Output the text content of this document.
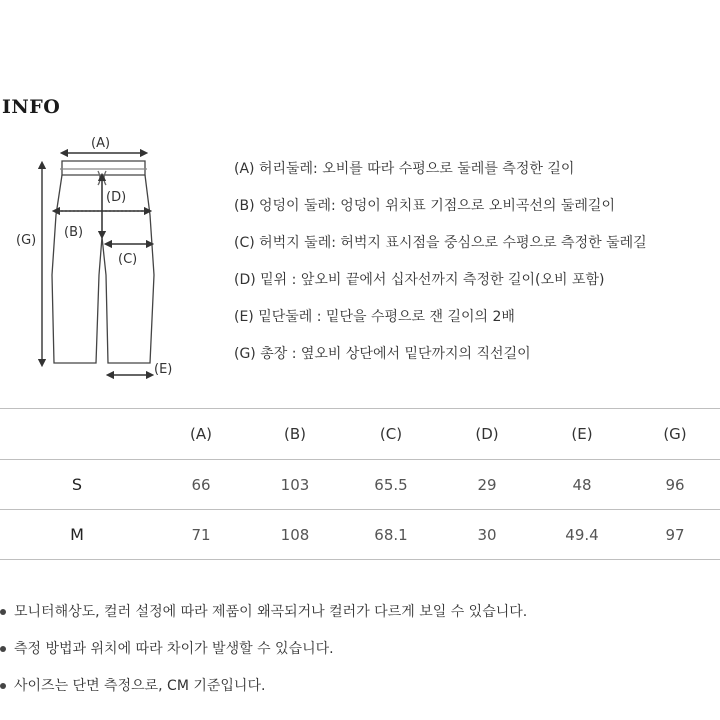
INFO
(A)
(D)
(B)
(C)
(G)
(E)
(A) 허리둘레: 오비를 따라 수평으로 둘레를 측정한 길이
(B) 엉덩이 둘레: 엉덩이 위치표 기점으로 오비곡선의 둘레길이
(C) 허벅지 둘레: 허벅지 표시점을 중심으로 수평으로 측정한 둘레길
(D) 밑위 : 앞오비 끝에서 십자선까지 측정한 길이(오비 포함)
(E) 밑단둘레 : 밑단을 수평으로 잰 길이의 2배
(G) 총장 : 옆오비 상단에서 밑단까지의 직선길이
	(A)	(B)	(C)	(D)	(E)	(G)
S	66	103	65.5	29	48	96
M	71	108	68.1	30	49.4	97
모니터해상도, 컬러 설정에 따라 제품이 왜곡되거나 컬러가 다르게 보일 수 있습니다.
측정 방법과 위치에 따라 차이가 발생할 수 있습니다.
사이즈는 단면 측정으로, CM 기준입니다.
